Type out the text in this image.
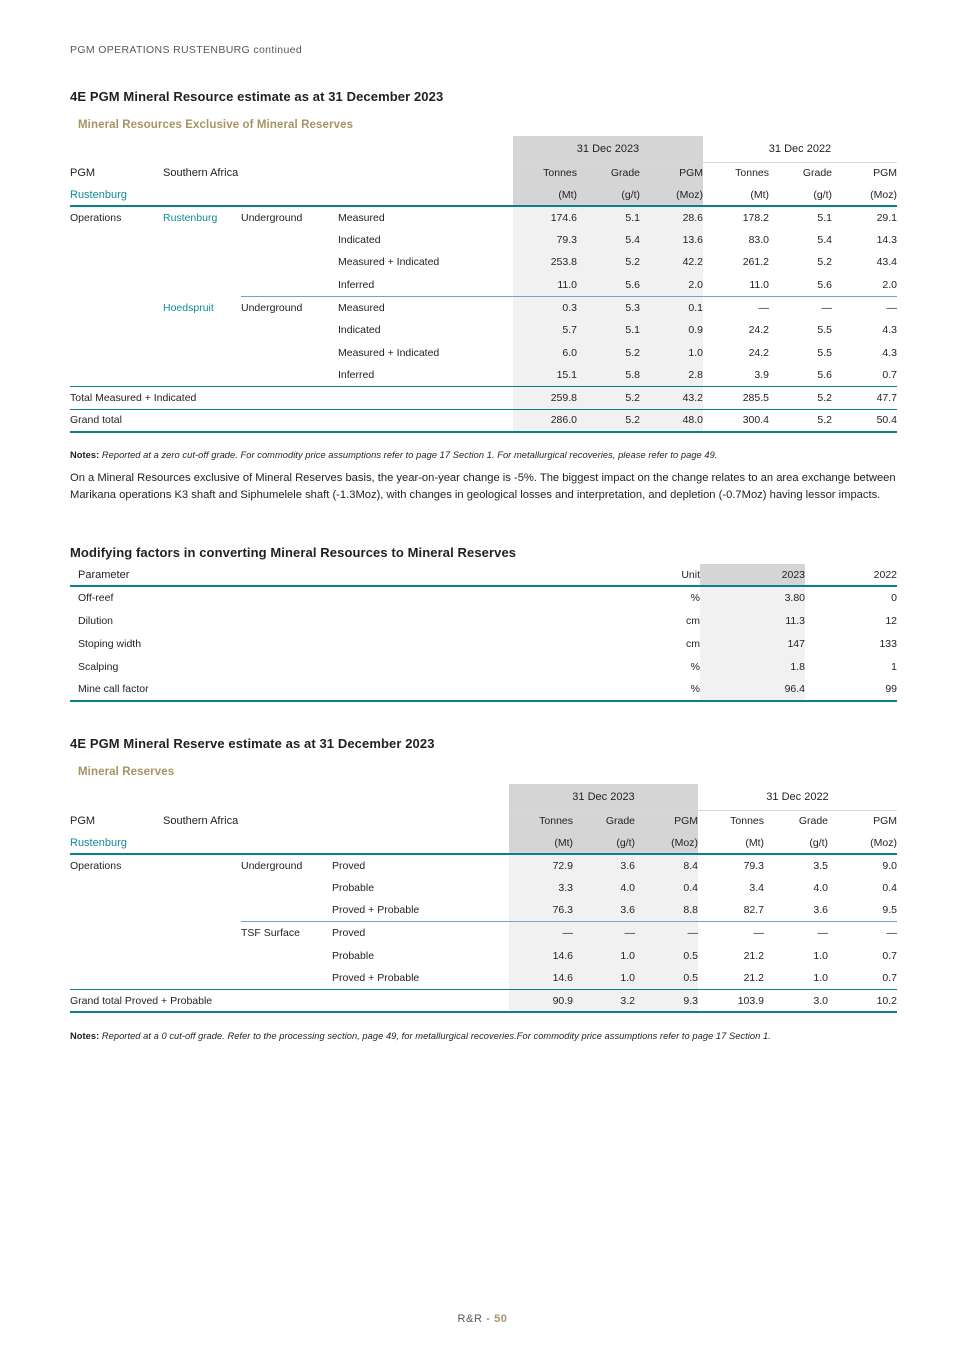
PGM OPERATIONS RUSTENBURG continued
4E PGM Mineral Resource estimate as at 31 December 2023
Mineral Resources Exclusive of Mineral Reserves
				31 Dec 2023			31 Dec 2022		
PGM	Southern Africa			Tonnes	Grade	PGM	Tonnes	Grade	PGM
Rustenburg				(Mt)	(g/t)	(Moz)	(Mt)	(g/t)	(Moz)
Operations	Rustenburg	Underground	Measured	174.6	5.1	28.6	178.2	5.1	29.1
			Indicated	79.3	5.4	13.6	83.0	5.4	14.3
			Measured + Indicated	253.8	5.2	42.2	261.2	5.2	43.4
			Inferred	11.0	5.6	2.0	11.0	5.6	2.0
	Hoedspruit	Underground	Measured	0.3	5.3	0.1	—	—	—
			Indicated	5.7	5.1	0.9	24.2	5.5	4.3
			Measured + Indicated	6.0	5.2	1.0	24.2	5.5	4.3
			Inferred	15.1	5.8	2.8	3.9	5.6	0.7
Total Measured + Indicated				259.8	5.2	43.2	285.5	5.2	47.7
Grand total				286.0	5.2	48.0	300.4	5.2	50.4
Notes: Reported at a zero cut-off grade. For commodity price assumptions refer to page 17 Section 1. For metallurgical recoveries, please refer to page 49.
On a Mineral Resources exclusive of Mineral Reserves basis, the year-on-year change is -5%. The biggest impact on the change relates to an area exchange between Marikana operations K3 shaft and Siphumelele shaft (-1.3Moz), with changes in geological losses and interpretation, and depletion (-0.7Moz) having lessor impacts.
Modifying factors in converting Mineral Resources to Mineral Reserves
Parameter	Unit	2023	2022
Off-reef	%	3.80	0
Dilution	cm	11.3	12
Stoping width	cm	147	133
Scalping	%	1.8	1
Mine call factor	%	96.4	99
4E PGM Mineral Reserve estimate as at 31 December 2023
Mineral Reserves
				31 Dec 2023			31 Dec 2022		
PGM	Southern Africa			Tonnes	Grade	PGM	Tonnes	Grade	PGM
Rustenburg				(Mt)	(g/t)	(Moz)	(Mt)	(g/t)	(Moz)
Operations		Underground	Proved	72.9	3.6	8.4	79.3	3.5	9.0
			Probable	3.3	4.0	0.4	3.4	4.0	0.4
			Proved + Probable	76.3	3.6	8.8	82.7	3.6	9.5
		TSF Surface	Proved	—	—	—	—	—	—
			Probable	14.6	1.0	0.5	21.2	1.0	0.7
			Proved + Probable	14.6	1.0	0.5	21.2	1.0	0.7
Grand total Proved + Probable				90.9	3.2	9.3	103.9	3.0	10.2
Notes: Reported at a 0 cut-off grade. Refer to the processing section, page 49, for metallurgical recoveries.For commodity price assumptions refer to page 17 Section 1.
R&R - 50
